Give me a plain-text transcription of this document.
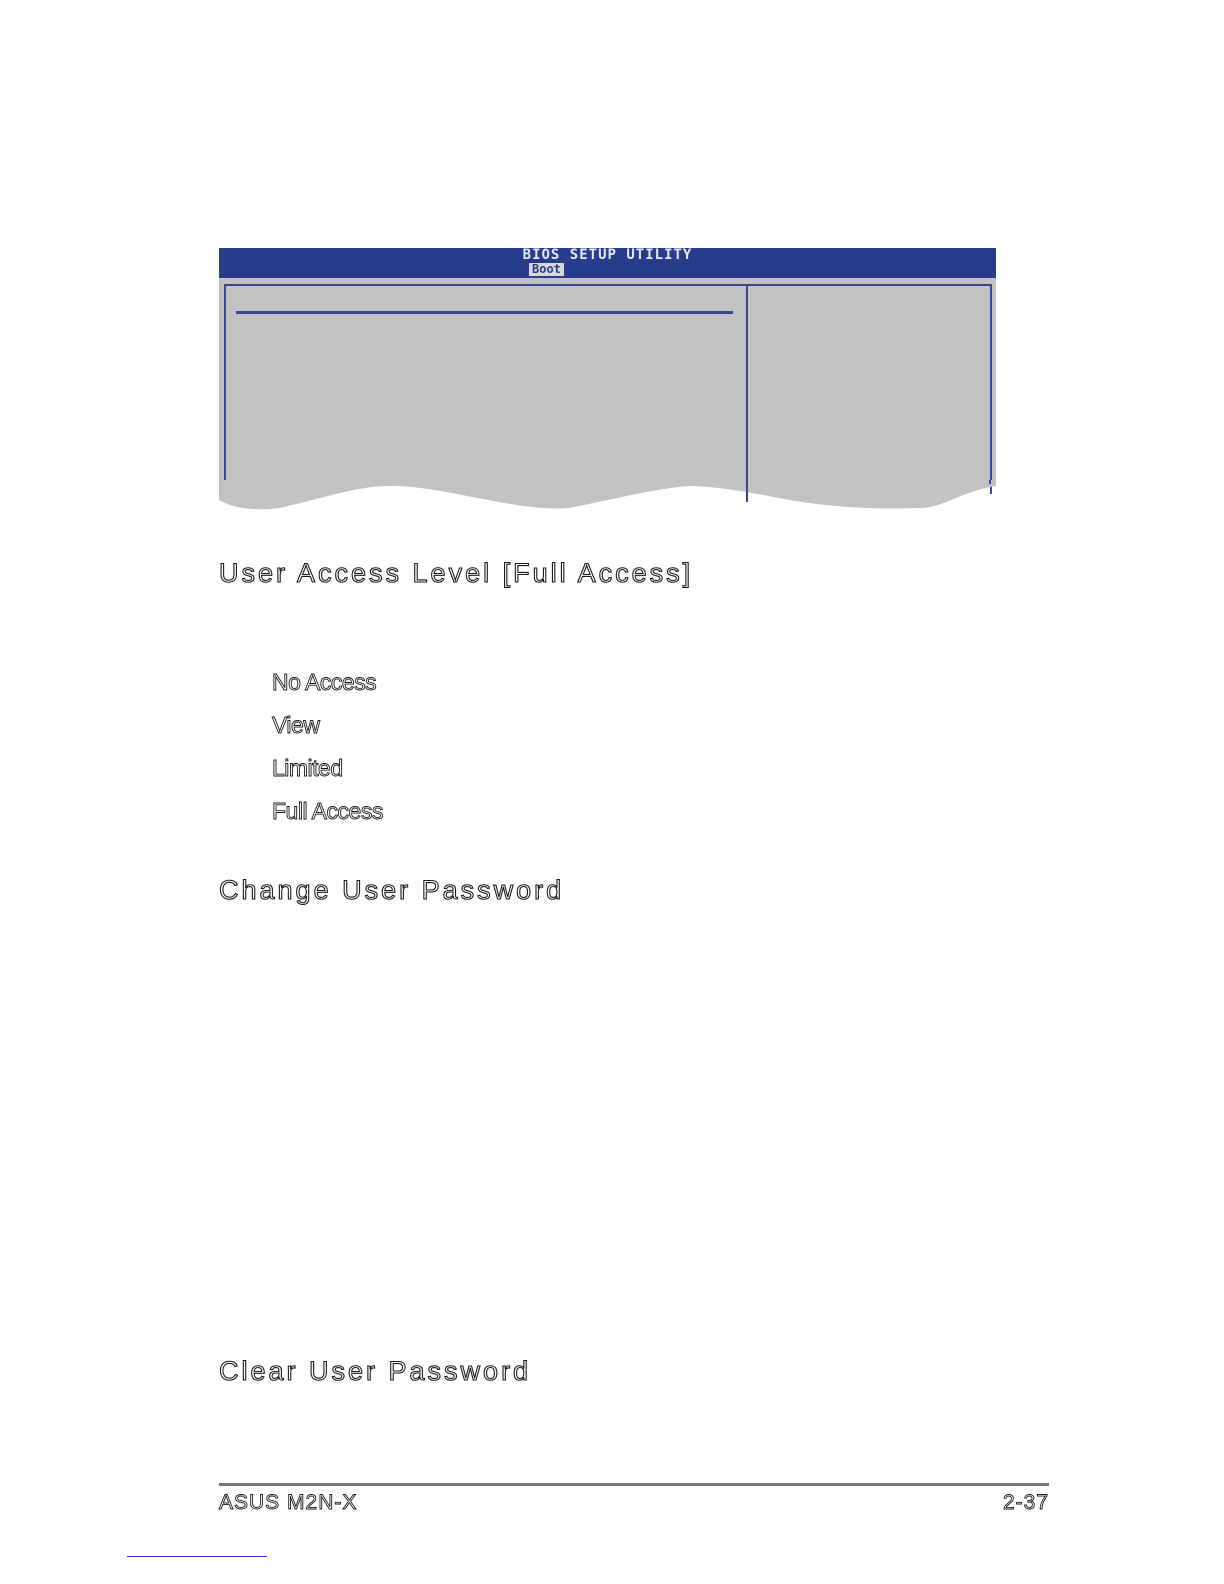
BIOS SETUP UTILITY
Boot
User Access Level [Full Access]
No Access
View
Limited
Full Access
Change User Password
Clear User Password
ASUS M2N-X	2-37
